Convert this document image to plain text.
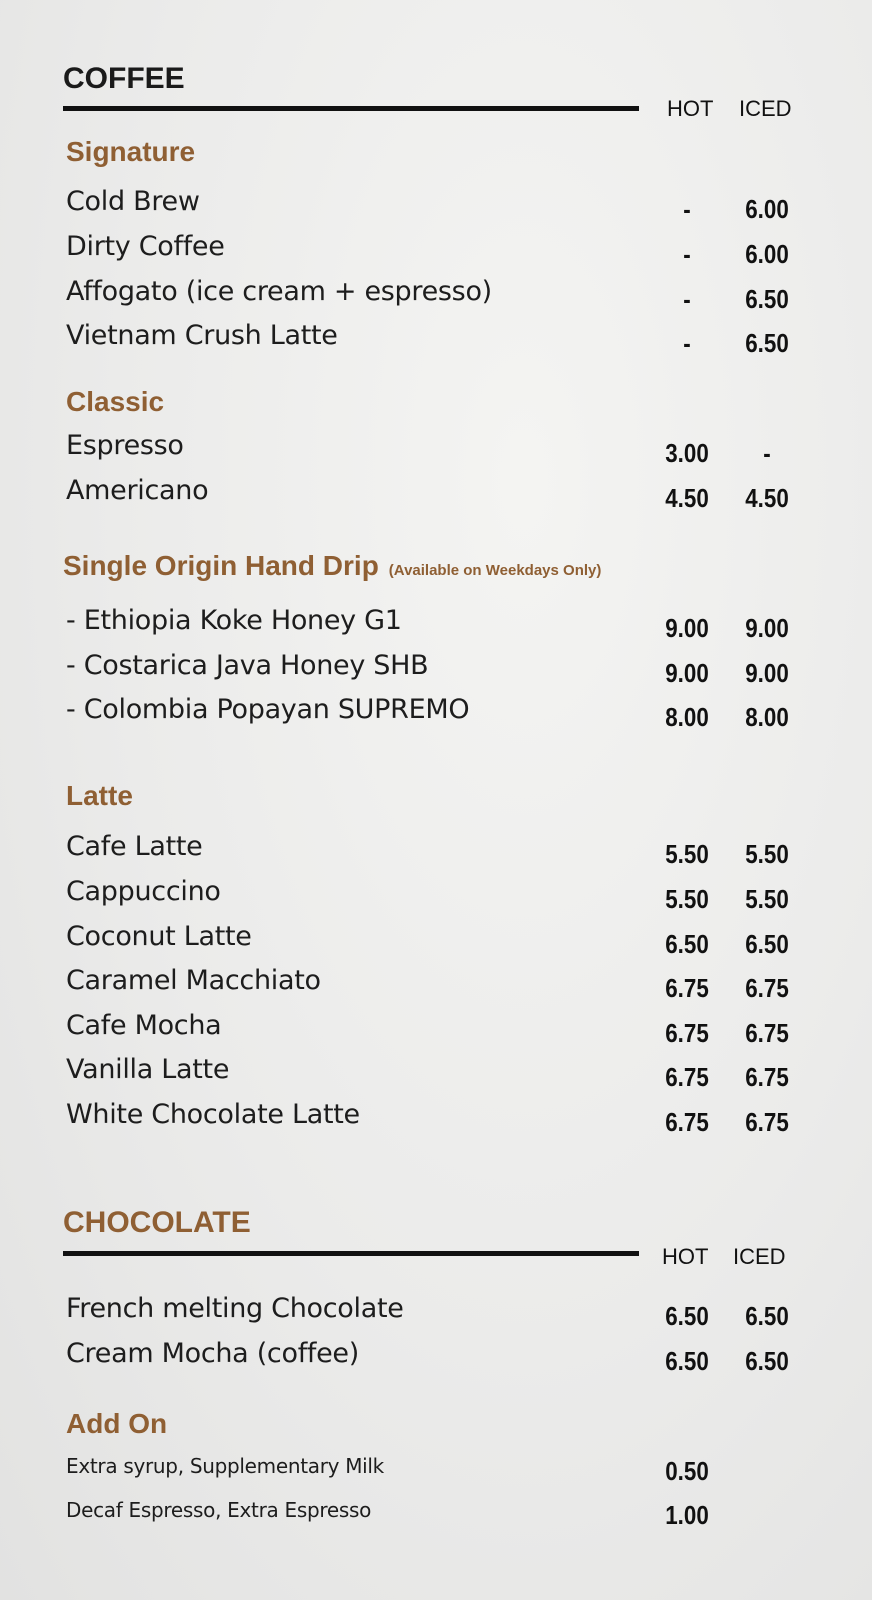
COFFEE
HOT ICED
Signature
Cold Brew	-	6.00
Dirty Coffee	-	6.00
Affogato (ice cream + espresso)	-	6.50
Vietnam Crush Latte	-	6.50
Classic
Espresso	3.00	-
Americano	4.50 4.50
Single Origin Hand Drip (Available on Weekdays Only)
- Ethiopia Koke Honey G1	9.00 9.00
- Costarica Java Honey SHB	9.00 9.00
- Colombia Popayan SUPREMO	8.00 8.00
Latte
Cafe Latte	5.50 5.50
Cappuccino	5.50 5.50
Coconut Latte	6.50 6.50
Caramel Macchiato	6.75 6.75
Cafe Mocha	6.75 6.75
Vanilla Latte	6.75 6.75
White Chocolate Latte	6.75 6.75
CHOCOLATE
HOT ICED
French melting Chocolate	6.50 6.50
Cream Mocha (coffee)	6.50 6.50
Add On
Extra syrup, Supplementary Milk	0.50
Decaf Espresso, Extra Espresso	1.00
